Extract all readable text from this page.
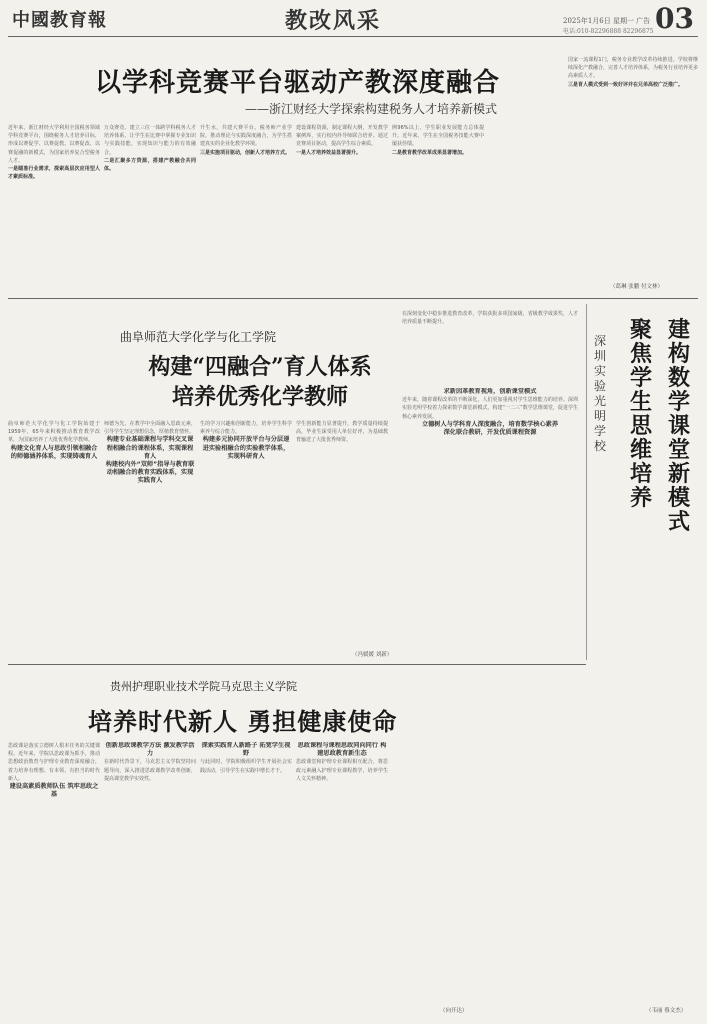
中國教育報	教改风采	2025年1月6日 星期一 广告
电话:010-82296888 82296875 03
以学科竞赛平台驱动产教深度融合
——浙江财经大学探索构建税务人才培养新模式
近年来，浙江财经大学利用全国税务领域学科竞赛平台，围绕税务人才培养目标，形成以赛促学、以赛促教、以赛促改、以赛促融的新模式，为国家培养复合型税务人才。
一是瞄准行业需求，探索高层次应用型人才素质标准。
万众赛竞、建立三位一体跨学科税务人才培养体系，让学生在比赛中掌握专业知识与实践技能，实现知识与能力的有效融合。
二是汇聚多方资源，搭建产教融合共同体。
升生水，共建大赛平台。税务师产业学院，推动理论与实践深度融合，为学生搭建真实的企业化教学环境。
三是实施项目驱动，创新人才培养方式。
建设课程资源，制定课程大纲，开发教学案例库，实行校内外导师联合培养。通过竞赛项目驱动，提高学生综合素质。
一是人才培养效益显著提升。
例96%以上，学生职业发展能力总体提升。近年来，学生在全国税务技能大赛中屡获佳绩。
二是教育教学改革成果显著增加。
国家一流课程1门，税务专业教学改革持续推进。学校将继续深化产教融合，完善人才培养体系，为税务行业培养更多高素质人才。
三是育人模式受到一致好评并在兄弟高校广泛推广。
（葛琳 张鹏 付文林）
曲阜师范大学化学与化工学院
构建“四融合”育人体系
培养优秀化学教师
曲阜师范大学化学与化工学院始建于1959年，65年来积极推动教育教学改革，为国家培养了大批优秀化学教师。
构建文化育人与思政引领相融合的师德涵养体系，实现铸魂育人
师德为先，在教学中全面融入思政元素，引导学生坚定理想信念，厚植教育情怀。
构建专业基础课程与学科交叉课程相融合的课程体系，实现课程育人
构建校内外“双师”指导与教育联动相融合的教育实践体系，实现实践育人
生的学习兴趣和创新能力，培养学生科学素养与综合能力。
构建多元协同开放平台与分层递进实验相融合的实验教学体系，实现科研育人
学生创新能力显著提升，教学质量持续提高，毕业生深受用人单位好评，为基础教育输送了大批优秀师资。
（冯媛媛 刘新）
在深刻变化中稳步推进教育改革，学院获批多项国家级、省级教学成果奖，人才培养质量不断提升。
深圳实验光明学校
聚焦学生思维培养
建构数学课堂新模式
求新因革教育视角，创新课堂模式
近年来，随着课程改革的不断深化，人们更加重视对学生思维能力的培养。深圳实验光明学校着力探索数学课堂新模式，构建“一二三”数学思维课堂，促进学生核心素养发展。
立德树人与学科育人深度融合，培育数学核心素养
深化联合教研，开发优质课程资源
（韦丽 蔡文杰）
贵州护理职业技术学院马克思主义学院
培养时代新人 勇担健康使命
思政课是落实立德树人根本任务的关键课程。近年来，学院以思政课为抓手，推动思想政治教育与护理专业教育深度融合，着力培养有理想、有本领、有担当的时代新人。
建设高素质教师队伍 筑牢思政之基
创新思政课教学方法 激发教学活力
在新时代背景下，马克思主义学院坚持问题导向，深入推进思政课教学改革创新，提高课堂教学实效性。
探索实践育人新路子 拓宽学生视野
与此同时，学院积极组织学生开展社会实践活动，引导学生在实践中增长才干。
思政课程与课程思政同向同行 构建思政教育新生态
思政课堂和护理专业课程相互配合，将思政元素融入护理专业课程教学，培养学生人文关怀精神。
（向开达）
